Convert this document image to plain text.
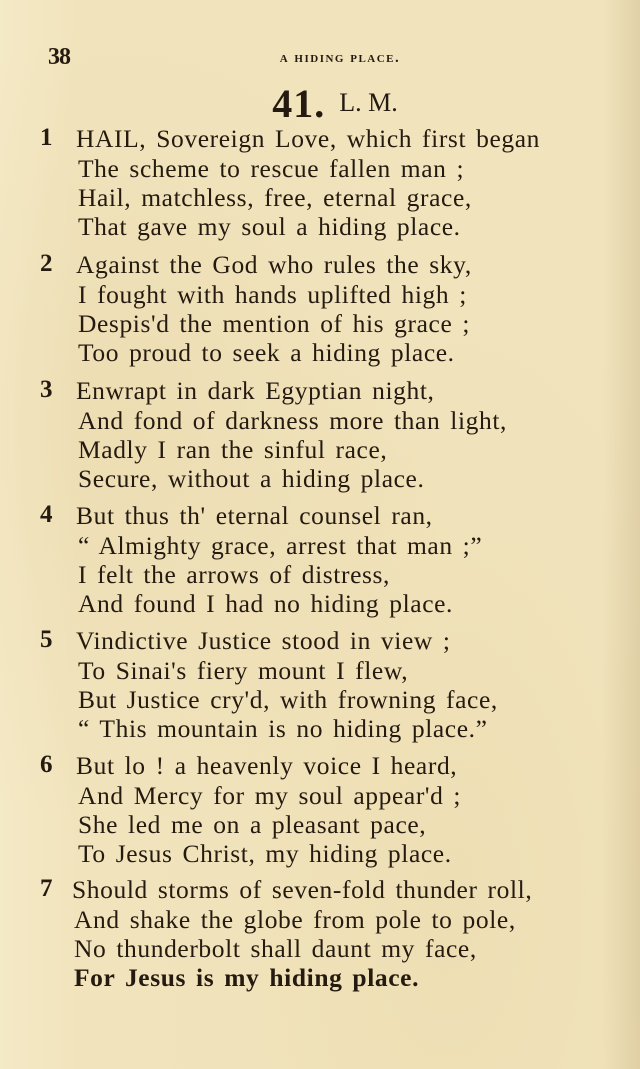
38	a hiding place.
41. L. M.
1 HAIL, Sovereign Love, which first began
The scheme to rescue fallen man ;
Hail, matchless, free, eternal grace,
That gave my soul a hiding place.
2 Against the God who rules the sky,
I fought with hands uplifted high ;
Despis'd the mention of his grace ;
Too proud to seek a hiding place.
3 Enwrapt in dark Egyptian night,
And fond of darkness more than light,
Madly I ran the sinful race,
Secure, without a hiding place.
4 But thus th' eternal counsel ran,
“ Almighty grace, arrest that man ;”
I felt the arrows of distress,
And found I had no hiding place.
5 Vindictive Justice stood in view ;
To Sinai's fiery mount I flew,
But Justice cry'd, with frowning face,
“ This mountain is no hiding place.”
6 But lo ! a heavenly voice I heard,
And Mercy for my soul appear'd ;
She led me on a pleasant pace,
To Jesus Christ, my hiding place.
7 Should storms of seven-fold thunder roll,
And shake the globe from pole to pole,
No thunderbolt shall daunt my face,
For Jesus is my hiding place.
